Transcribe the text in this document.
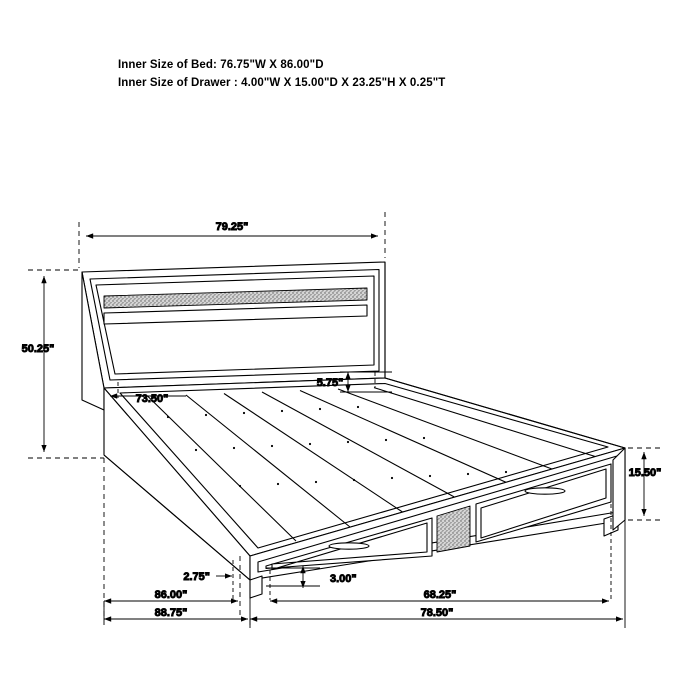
Inner Size of Bed: 76.75"W X 86.00"D
Inner Size of Drawer : 4.00"W X 15.00"D X 23.25"H X 0.25"T
79.25"
50.25"
73.50"
5.75"
15.50"
2.75"	3.00"
86.00"
88.75"
68.25"
78.50"
